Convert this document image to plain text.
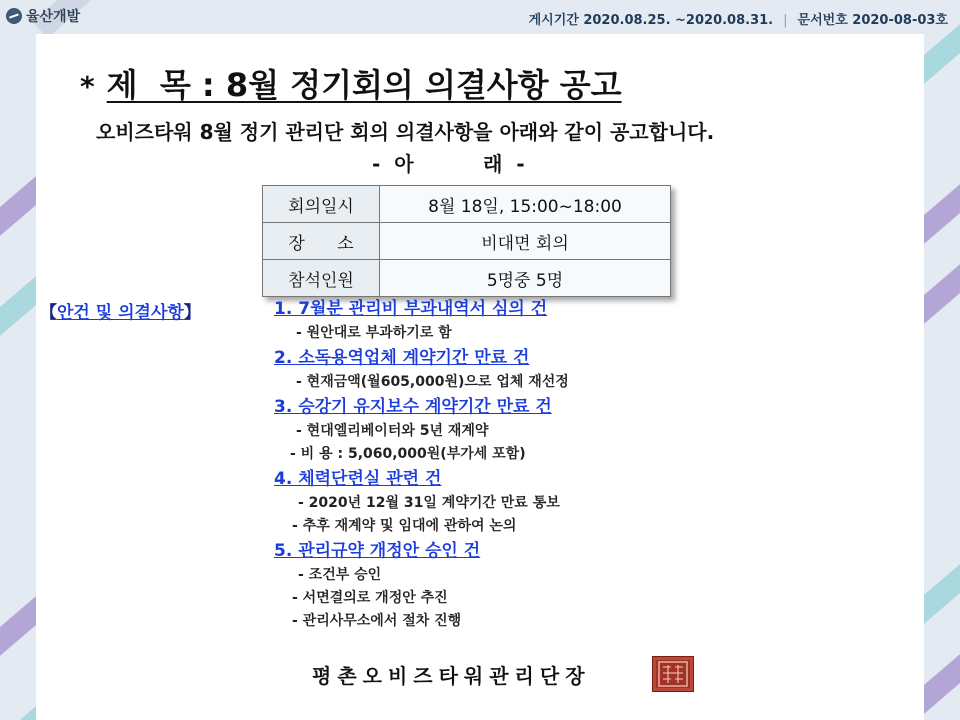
율산개발	게시기간 2020.08.25. ~2020.08.31. | 문서번호 2020-08-03호
* 제  목 : 8월 정기회의 의결사항 공고
오비즈타워 8월 정기 관리단 회의 의결사항을 아래와 같이 공고합니다.
-  아          래  -
회의일시	8월 18일, 15:00~18:00
장      소	비대면 회의
참석인원	5명중 5명
【안건 및 의결사항】	1. 7월분 관리비 부과내역서 심의 건
- 원안대로 부과하기로 함
2. 소독용역업체 계약기간 만료 건
- 현재금액(월605,000원)으로 업체 재선정
3. 승강기 유지보수 계약기간 만료 건
- 현대엘리베이터와 5년 재계약
- 비 용 : 5,060,000원(부가세 포함)
4. 체력단련실 관련 건
- 2020년 12월 31일 계약기간 만료 통보
- 추후 재계약 및 임대에 관하여 논의
5. 관리규약 개정안 승인 건
- 조건부 승인
- 서면결의로 개정안 추진
- 관리사무소에서 절차 진행
평촌오비즈타워관리단장
